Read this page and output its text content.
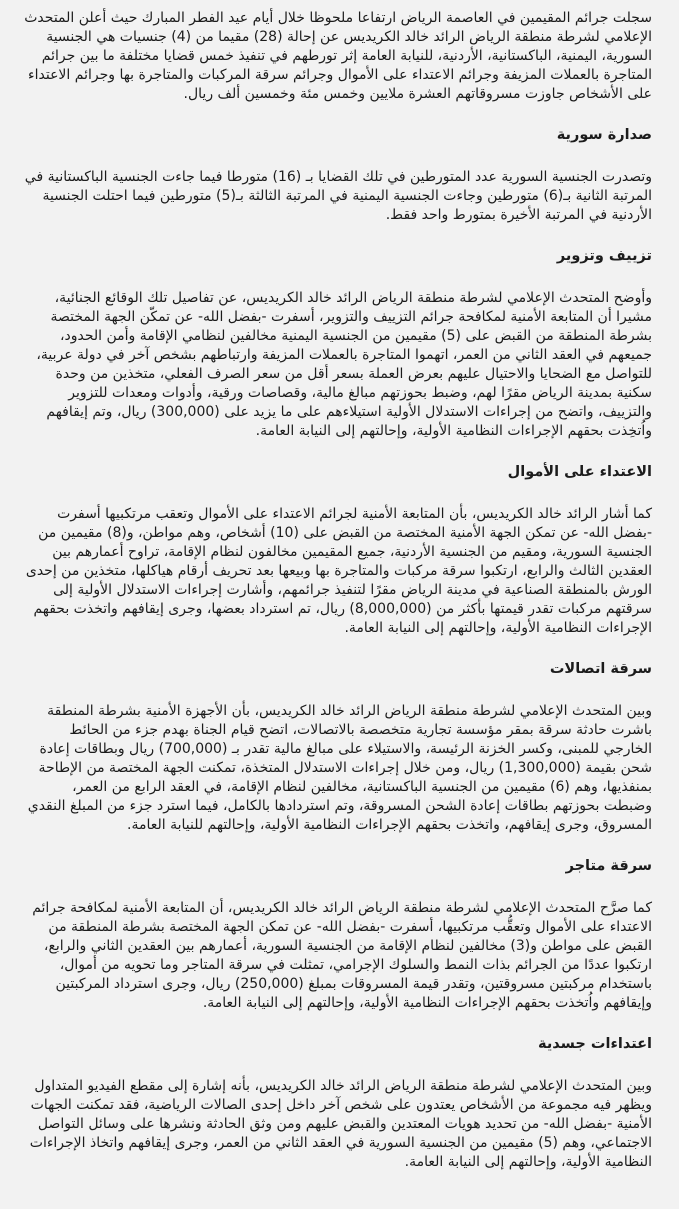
سجلت جرائم المقيمين في العاصمة الرياض ارتفاعا ملحوظا خلال أيام عيد الفطر المبارك حيث أعلن المتحدث الإعلامي لشرطة منطقة الرياض الرائد خالد الكريديس عن إحالة (28) مقيما من (4) جنسيات هي الجنسية السورية، اليمنية، الباكستانية، الأردنية، للنيابة العامة إثر تورطهم في تنفيذ خمس قضايا مختلفة ما بين جرائم المتاجرة بالعملات المزيفة وجرائم الاعتداء على الأموال وجرائم سرقة المركبات والمتاجرة بها وجرائم الاعتداء على الأشخاص جاوزت مسروقاتهم العشرة ملايين وخمس مئة وخمسين ألف ريال.

صدارة سورية

وتصدرت الجنسية السورية عدد المتورطين في تلك القضايا بـ (16) متورطا فيما جاءت الجنسية الباكستانية في المرتبة الثانية بـ(6) متورطين وجاءت الجنسية اليمنية في المرتبة الثالثة بـ(5) متورطين فيما احتلت الجنسية الأردنية في المرتبة الأخيرة بمتورط واحد فقط.

تزييف وتزوير

وأوضح المتحدث الإعلامي لشرطة منطقة الرياض الرائد خالد الكريديس، عن تفاصيل تلك الوقائع الجنائية، مشيرا أن المتابعة الأمنية لمكافحة جرائم التزييف والتزوير، أسفرت -بفضل الله- عن تمكّن الجهة المختصة بشرطة المنطقة من القبض على (5) مقيمين من الجنسية اليمنية مخالفين لنظامي الإقامة وأمن الحدود، جميعهم في العقد الثاني من العمر، اتهموا المتاجرة بالعملات المزيفة وارتباطهم بشخص آخر في دولة عربية، للتواصل مع الضحايا والاحتيال عليهم بعرض العملة بسعر أقل من سعر الصرف الفعلي، متخذين من وحدة سكنية بمدينة الرياض مقرًا لهم، وضبط بحوزتهم مبالغ مالية، وقصاصات ورقية، وأدوات ومعدات للتزوير والتزييف، واتضح من إجراءات الاستدلال الأولية استيلاءهم على ما يزيد على (300,000) ريال، وتم إيقافهم واُتخِذت بحقهم الإجراءات النظامية الأولية، وإحالتهم إلى النيابة العامة.

الاعتداء على الأموال

كما أشار الرائد خالد الكريديس، بأن المتابعة الأمنية لجرائم الاعتداء على الأموال وتعقب مرتكبيها أسفرت -بفضل الله- عن تمكن الجهة الأمنية المختصة من القبض على (10) أشخاص، وهم مواطن، و(8) مقيمين من الجنسية السورية، ومقيم من الجنسية الأردنية، جميع المقيمين مخالفون لنظام الإقامة، تراوح أعمارهم بين العقدين الثالث والرابع، ارتكبوا سرقة مركبات والمتاجرة بها وبيعها بعد تحريف أرقام هياكلها، متخذين من إحدى الورش بالمنطقة الصناعية في مدينة الرياض مقرًا لتنفيذ جرائمهم، وأشارت إجراءات الاستدلال الأولية إلى سرقتهم مركبات تقدر قيمتها بأكثر من (8,000,000) ريال، تم استرداد بعضها، وجرى إيقافهم واتخذت بحقهم الإجراءات النظامية الأولية، وإحالتهم إلى النيابة العامة.

سرقة اتصالات

وبين المتحدث الإعلامي لشرطة منطقة الرياض الرائد خالد الكريديس، بأن الأجهزة الأمنية بشرطة المنطقة باشرت حادثة سرقة بمقر مؤسسة تجارية متخصصة بالاتصالات، اتضح قيام الجناة بهدم جزء من الحائط الخارجي للمبنى، وكسر الخزنة الرئيسة، والاستيلاء على مبالغ مالية تقدر بـ (700,000) ريال وبطاقات إعادة شحن بقيمة (1,300,000) ريال، ومن خلال إجراءات الاستدلال المتخذة، تمكنت الجهة المختصة من الإطاحة بمنفذيها، وهم (6) مقيمين من الجنسية الباكستانية، مخالفين لنظام الإقامة، في العقد الرابع من العمر، وضبطت بحوزتهم بطاقات إعادة الشحن المسروقة، وتم استردادها بالكامل، فيما استرد جزء من المبلغ النقدي المسروق، وجرى إيقافهم، واتخذت بحقهم الإجراءات النظامية الأولية، وإحالتهم للنيابة العامة.

سرقة متاجر

كما صرَّح المتحدث الإعلامي لشرطة منطقة الرياض الرائد خالد الكريديس، أن المتابعة الأمنية لمكافحة جرائم الاعتداء على الأموال وتعقُّب مرتكبيها، أسفرت -بفضل الله- عن تمكن الجهة المختصة بشرطة المنطقة من القبض على مواطن و(3) مخالفين لنظام الإقامة من الجنسية السورية، أعمارهم بين العقدين الثاني والرابع، ارتكبوا عددًا من الجرائم بذات النمط والسلوك الإجرامي، تمثلت في سرقة المتاجر وما تحويه من أموال، باستخدام مركبتين مسروقتين، وتقدر قيمة المسروقات بمبلغ (250,000) ريال، وجرى استرداد المركبتين وإيقافهم واُتخذت بحقهم الإجراءات النظامية الأولية، وإحالتهم إلى النيابة العامة.

اعتداءات جسدية

وبين المتحدث الإعلامي لشرطة منطقة الرياض الرائد خالد الكريديس، بأنه إشارة إلى مقطع الفيديو المتداول ويظهر فيه مجموعة من الأشخاص يعتدون على شخص آخر داخل إحدى الصالات الرياضية، فقد تمكنت الجهات الأمنية -بفضل الله- من تحديد هويات المعتدين والقبض عليهم ومن وثق الحادثة ونشرها على وسائل التواصل الاجتماعي، وهم (5) مقيمين من الجنسية السورية في العقد الثاني من العمر، وجرى إيقافهم واتخاذ الإجراءات النظامية الأولية، وإحالتهم إلى النيابة العامة.
